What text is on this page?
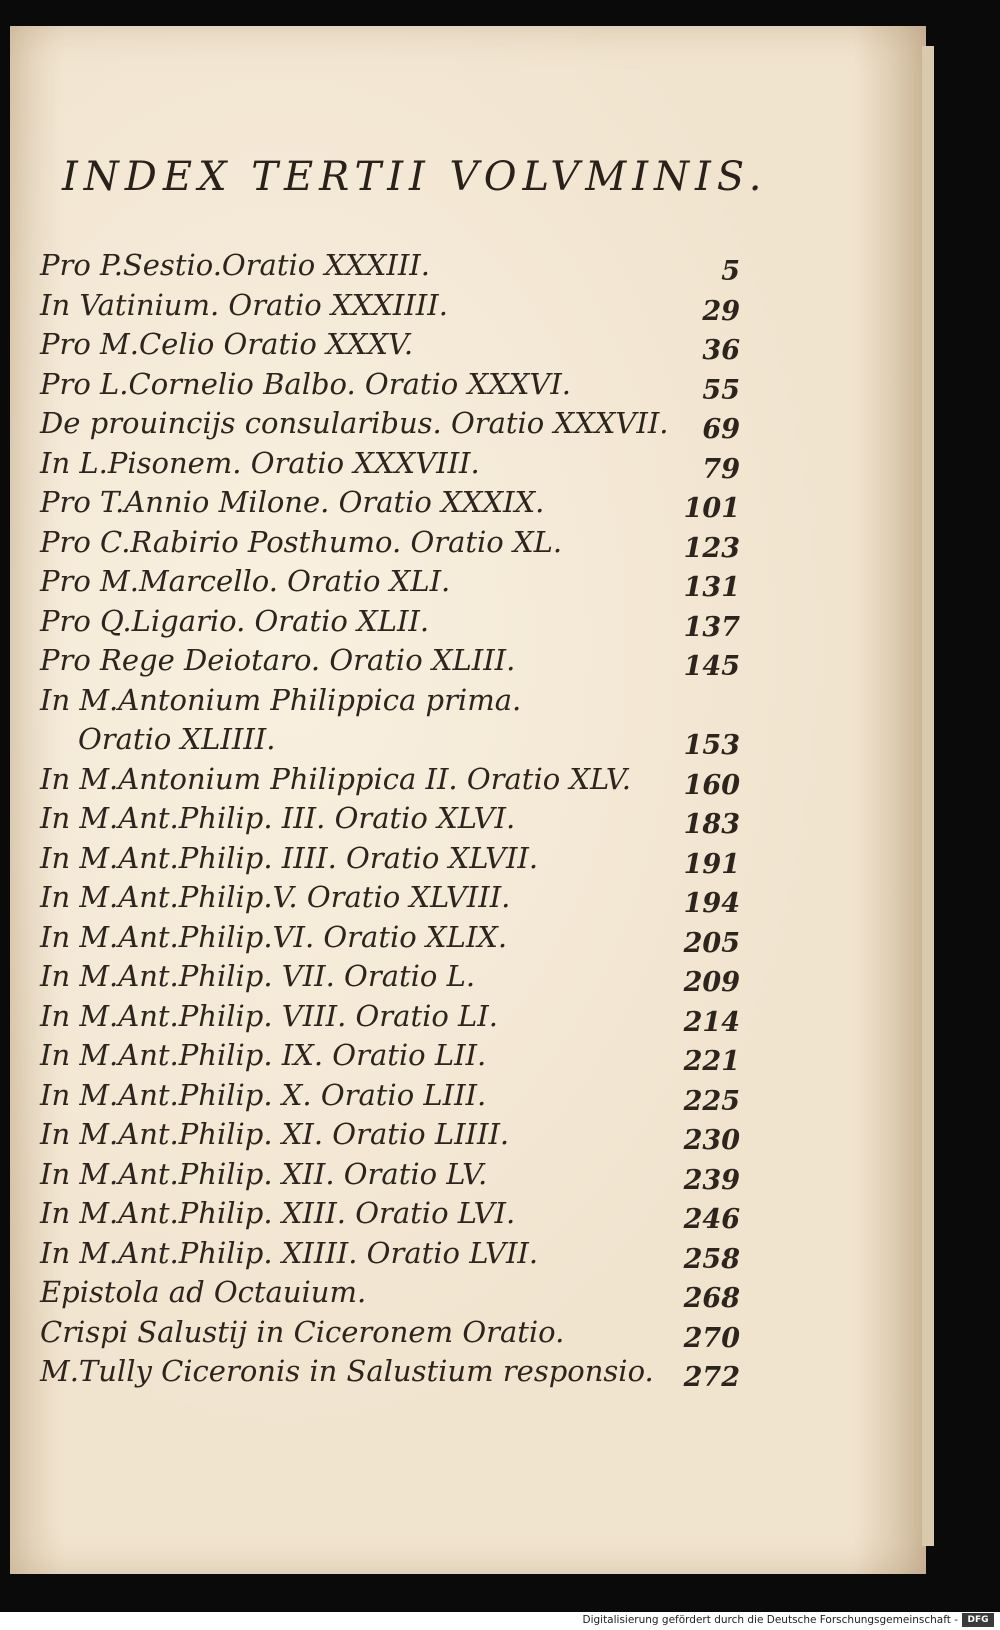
INDEX TERTII VOLVMINIS.
Pro P.Sestio.Oratio XXXIII.	5
In Vatinium. Oratio XXXIIII.	29
Pro M.Celio Oratio XXXV.	36
Pro L.Cornelio Balbo. Oratio XXXVI.	55
De prouincijs consularibus. Oratio XXXVII.	69
In L.Pisonem. Oratio XXXVIII.	79
Pro T.Annio Milone. Oratio XXXIX.	101
Pro C.Rabirio Posthumo. Oratio XL.	123
Pro M.Marcello. Oratio XLI.	131
Pro Q.Ligario. Oratio XLII.	137
Pro Rege Deiotaro. Oratio XLIII.	145
In M.Antonium Philippica prima.
Oratio XLIIII.	153
In M.Antonium Philippica II. Oratio XLV. 160
In M.Ant.Philip. III. Oratio XLVI.	183
In M.Ant.Philip. IIII. Oratio XLVII.	191
In M.Ant.Philip.V. Oratio XLVIII.	194
In M.Ant.Philip.VI. Oratio XLIX.	205
In M.Ant.Philip. VII. Oratio L.	209
In M.Ant.Philip. VIII. Oratio LI.	214
In M.Ant.Philip. IX. Oratio LII.	221
In M.Ant.Philip. X. Oratio LIII.	225
In M.Ant.Philip. XI. Oratio LIIII.	230
In M.Ant.Philip. XII. Oratio LV.	239
In M.Ant.Philip. XIII. Oratio LVI.	246
In M.Ant.Philip. XIIII. Oratio LVII.	258
Epistola ad Octauium.	268
Crispi Salustij in Ciceronem Oratio.	270
M.Tully Ciceronis in Salustium responsio. 272
Digitalisierung gefördert durch die Deutsche Forschungsgemeinschaft -	DFG
